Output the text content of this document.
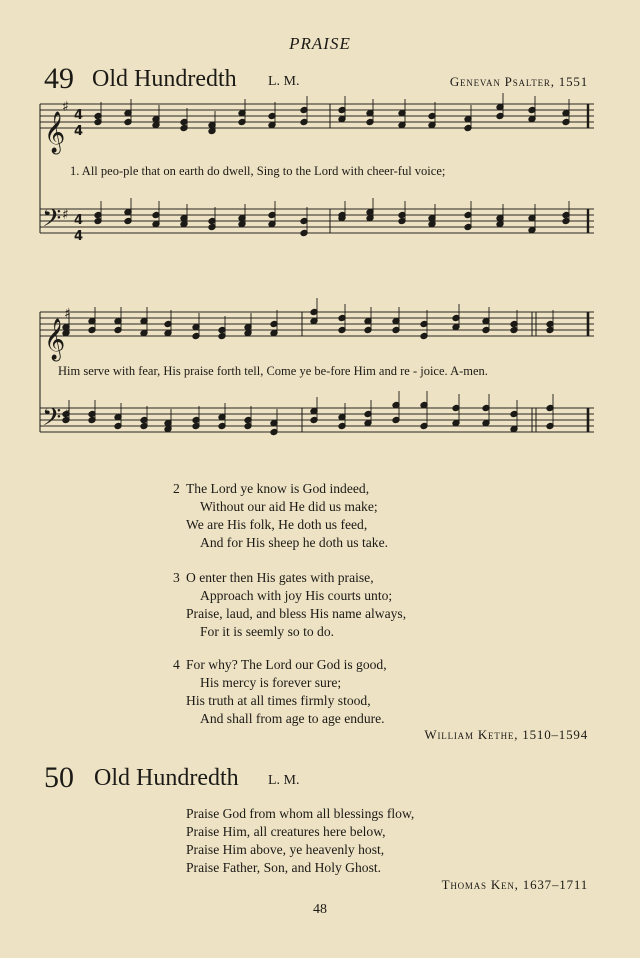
PRAISE
49 Old Hundredth L. M.	Genevan Psalter, 1551
𝄞
♯
4
4
𝄢 ♯ 4
4
𝄞
♯
𝄢 ♯
1. All peo-ple that on earth do dwell, Sing to the Lord with cheer-ful voice;
Him serve with fear, His praise forth tell, Come ye be-fore Him and re - joice. A-men.
2 The Lord ye know is God indeed,
Without our aid He did us make;
We are His folk, He doth us feed,
And for His sheep he doth us take.
3 O enter then His gates with praise,
Approach with joy His courts unto;
Praise, laud, and bless His name always,
For it is seemly so to do.
4 For why? The Lord our God is good,
His mercy is forever sure;
His truth at all times firmly stood,
And shall from age to age endure.
William Kethe, 1510–1594
50 Old Hundredth L. M.
Praise God from whom all blessings flow,
Praise Him, all creatures here below,
Praise Him above, ye heavenly host,
Praise Father, Son, and Holy Ghost.
Thomas Ken, 1637–1711
48
